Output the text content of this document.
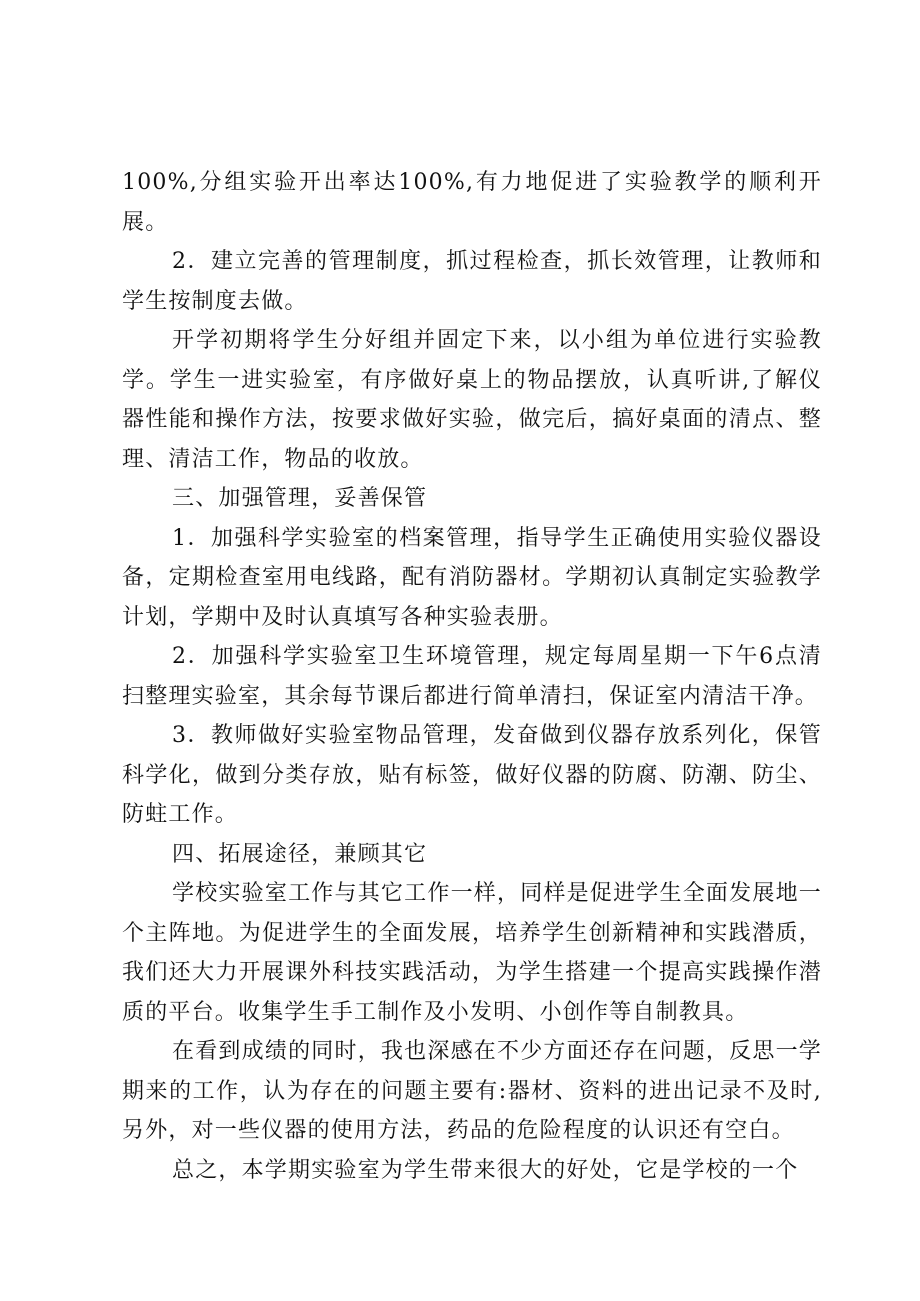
100%,分组实验开出率达100%,有力地促进了实验教学的顺利开展。

2．建立完善的管理制度，抓过程检查，抓长效管理，让教师和学生按制度去做。

开学初期将学生分好组并固定下来，以小组为单位进行实验教学。学生一进实验室，有序做好桌上的物品摆放，认真听讲,了解仪器性能和操作方法，按要求做好实验，做完后，搞好桌面的清点、整理、清洁工作，物品的收放。

三、加强管理，妥善保管

1．加强科学实验室的档案管理，指导学生正确使用实验仪器设备，定期检查室用电线路，配有消防器材。学期初认真制定实验教学计划，学期中及时认真填写各种实验表册。

2．加强科学实验室卫生环境管理，规定每周星期一下午6点清扫整理实验室，其余每节课后都进行简单清扫，保证室内清洁干净。

3．教师做好实验室物品管理，发奋做到仪器存放系列化，保管科学化，做到分类存放，贴有标签，做好仪器的防腐、防潮、防尘、防蛀工作。

四、拓展途径，兼顾其它

学校实验室工作与其它工作一样，同样是促进学生全面发展地一个主阵地。为促进学生的全面发展，培养学生创新精神和实践潜质，我们还大力开展课外科技实践活动，为学生搭建一个提高实践操作潜质的平台。收集学生手工制作及小发明、小创作等自制教具。

在看到成绩的同时，我也深感在不少方面还存在问题，反思一学期来的工作，认为存在的问题主要有:器材、资料的进出记录不及时,另外，对一些仪器的使用方法，药品的危险程度的认识还有空白。

总之，本学期实验室为学生带来很大的好处，它是学校的一个
